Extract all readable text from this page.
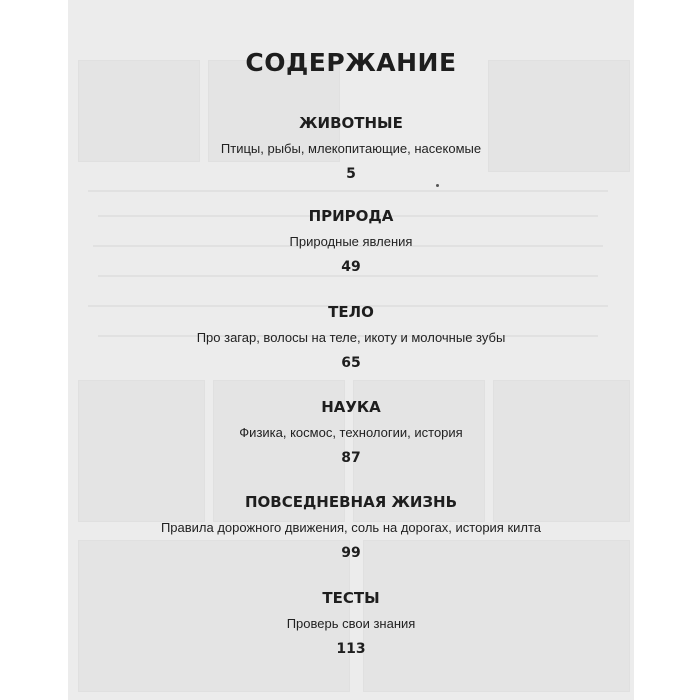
СОДЕРЖАНИЕ
ЖИВОТНЫЕ
Птицы, рыбы, млекопитающие, насекомые
5
ПРИРОДА
Природные явления
49
ТЕЛО
Про загар, волосы на теле, икоту и молочные зубы
65
НАУКА
Физика, космос, технологии, история
87
ПОВСЕДНЕВНАЯ ЖИЗНЬ
Правила дорожного движения, соль на дорогах, история килта
99
ТЕСТЫ
Проверь свои знания
113
